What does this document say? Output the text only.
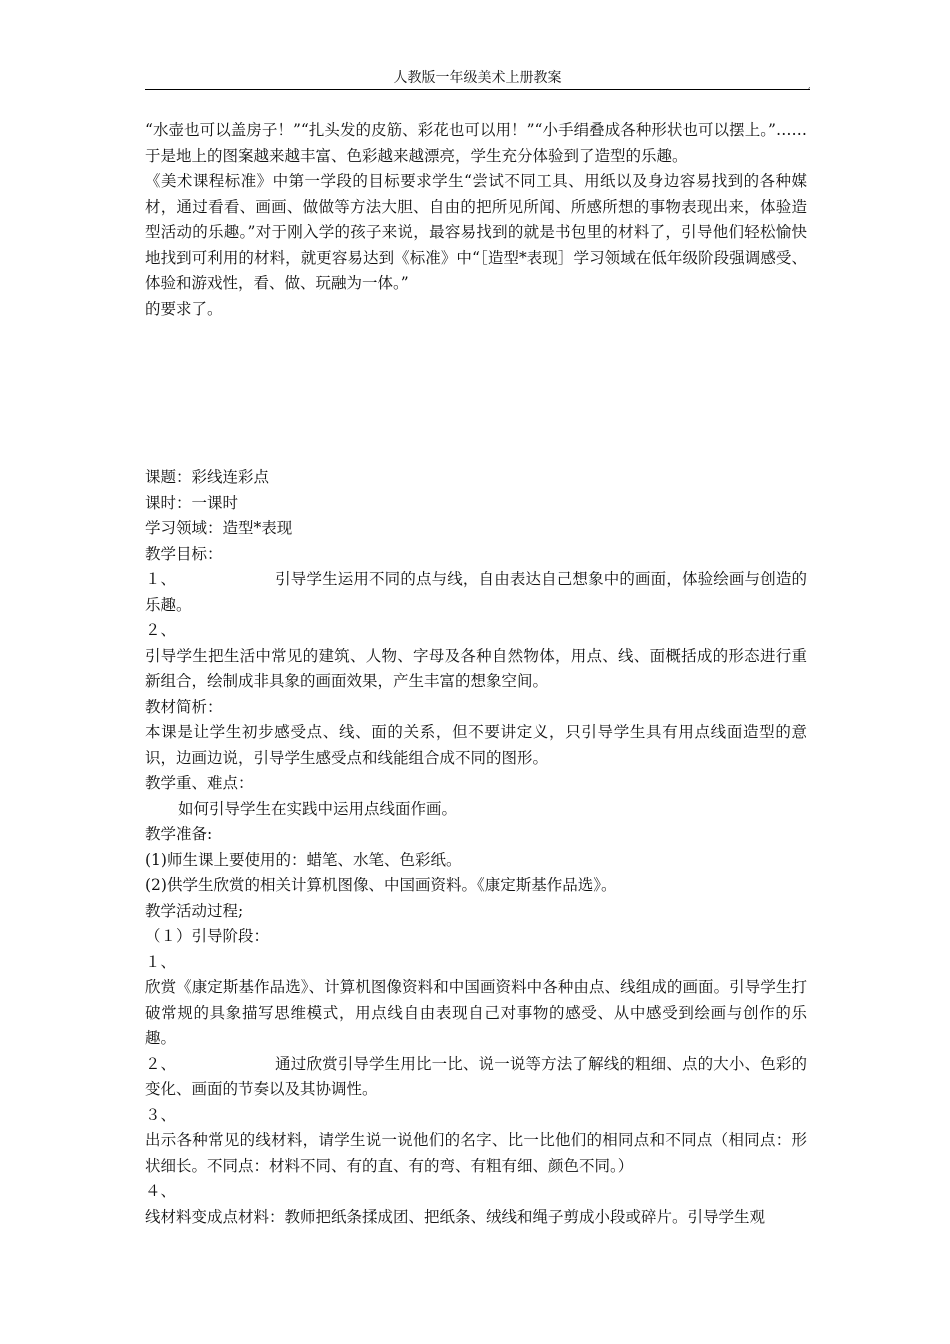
人教版一年级美术上册教案	,

“水壶也可以盖房子！”“扎头发的皮筋、彩花也可以用！”“小手绢叠成各种形状也可以摆上。”……于是地上的图案越来越丰富、色彩越来越漂亮，学生充分体验到了造型的乐趣。

《美术课程标准》中第一学段的目标要求学生“尝试不同工具、用纸以及身边容易找到的各种媒材，通过看看、画画、做做等方法大胆、自由的把所见所闻、所感所想的事物表现出来，体验造型活动的乐趣。”对于刚入学的孩子来说，最容易找到的就是书包里的材料了，引导他们轻松愉快地找到可利用的材料，就更容易达到《标准》中“［造型*表现］学习领域在低年级阶段强调感受、体验和游戏性，看、做、玩融为一体。”

的要求了。

课题：彩线连彩点

课时：一课时

学习领域：造型*表现

教学目标：

１、	引导学生运用不同的点与线，自由表达自己想象中的画面，体验绘画与创造的乐趣。

２、

引导学生把生活中常见的建筑、人物、字母及各种自然物体，用点、线、面概括成的形态进行重新组合，绘制成非具象的画面效果，产生丰富的想象空间。

教材简析：

本课是让学生初步感受点、线、面的关系，但不要讲定义，只引导学生具有用点线面造型的意识，边画边说，引导学生感受点和线能组合成不同的图形。

教学重、难点：

如何引导学生在实践中运用点线面作画。

教学准备:

(1)师生课上要使用的：蜡笔、水笔、色彩纸。

(2)供学生欣赏的相关计算机图像、中国画资料。《康定斯基作品选》。

教学活动过程;

（１）引导阶段：

１、

欣赏《康定斯基作品选》、计算机图像资料和中国画资料中各种由点、线组成的画面。引导学生打破常规的具象描写思维模式，用点线自由表现自己对事物的感受、从中感受到绘画与创作的乐趣。

２、	通过欣赏引导学生用比一比、说一说等方法了解线的粗细、点的大小、色彩的变化、画面的节奏以及其协调性。

３、

出示各种常见的线材料，请学生说一说他们的名字、比一比他们的相同点和不同点（相同点：形状细长。不同点：材料不同、有的直、有的弯、有粗有细、颜色不同。）

４、

线材料变成点材料：教师把纸条揉成团、把纸条、绒线和绳子剪成小段或碎片。引导学生观
